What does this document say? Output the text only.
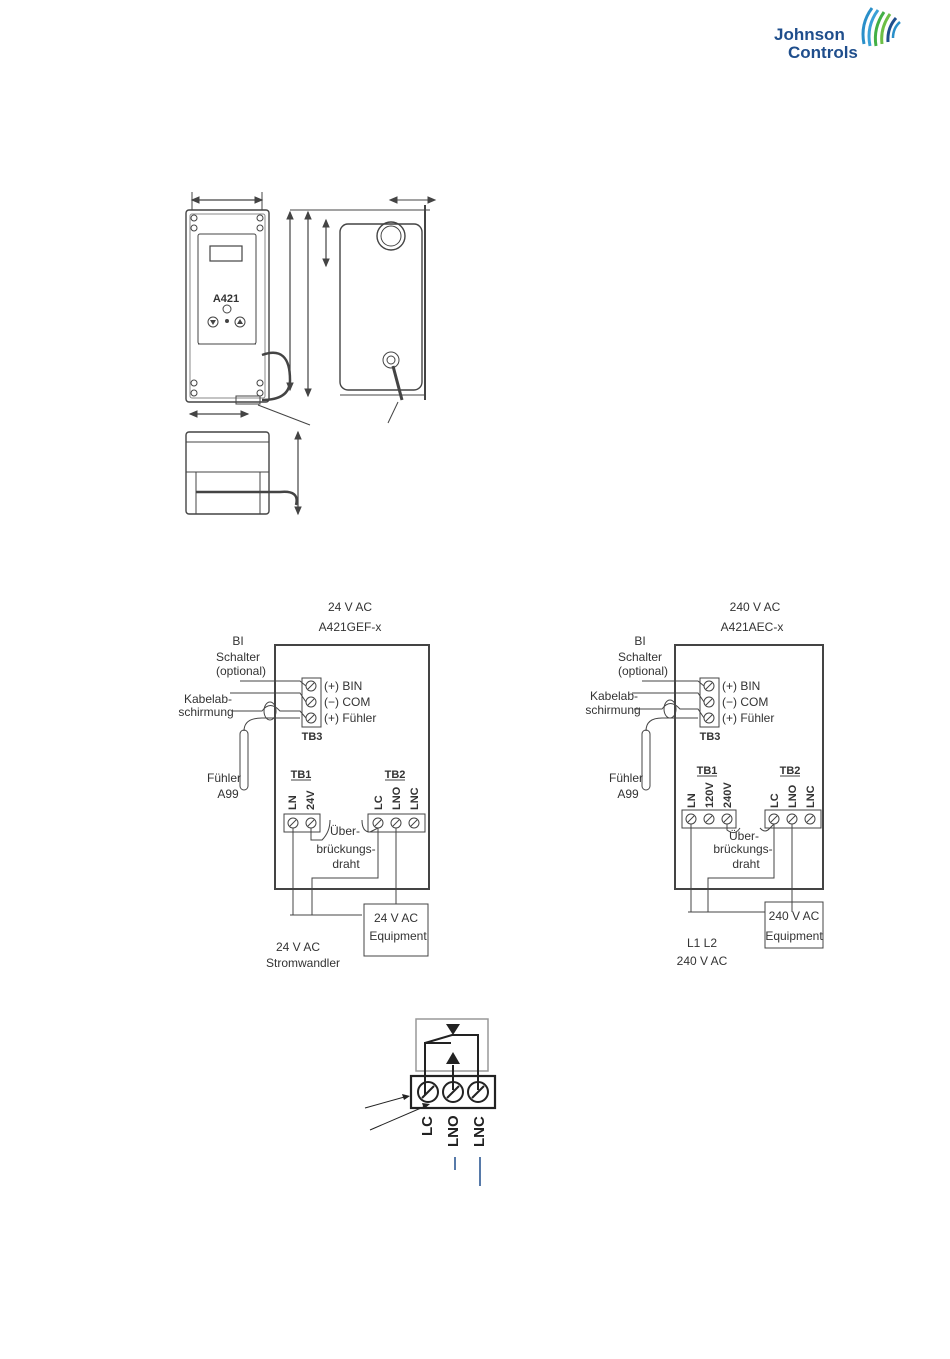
Johnson
Controls
A421
24 V AC
A421GEF-x
BI
Schalter
(optional)
Kabelab-
schirmung
Fühler
A99
(+) BIN
(−) COM
(+) Fühler
TB3
TB1	TB2
LN 24V	LC LNO LNC
Über-
brückungs-
draht
24 V AC
Equipment
24 V AC
Stromwandler
240 V AC
A421AEC-x
BI
Schalter
(optional)
Kabelab-
schirmung
Fühler
A99
(+) BIN
(−) COM
(+) Fühler
TB3
TB1	TB2
LN 120V 240V	LC LNO LNC
Über-
brückungs-
draht
240 V AC
Equipment
L1 L2
240 V AC
LC LNO LNC
